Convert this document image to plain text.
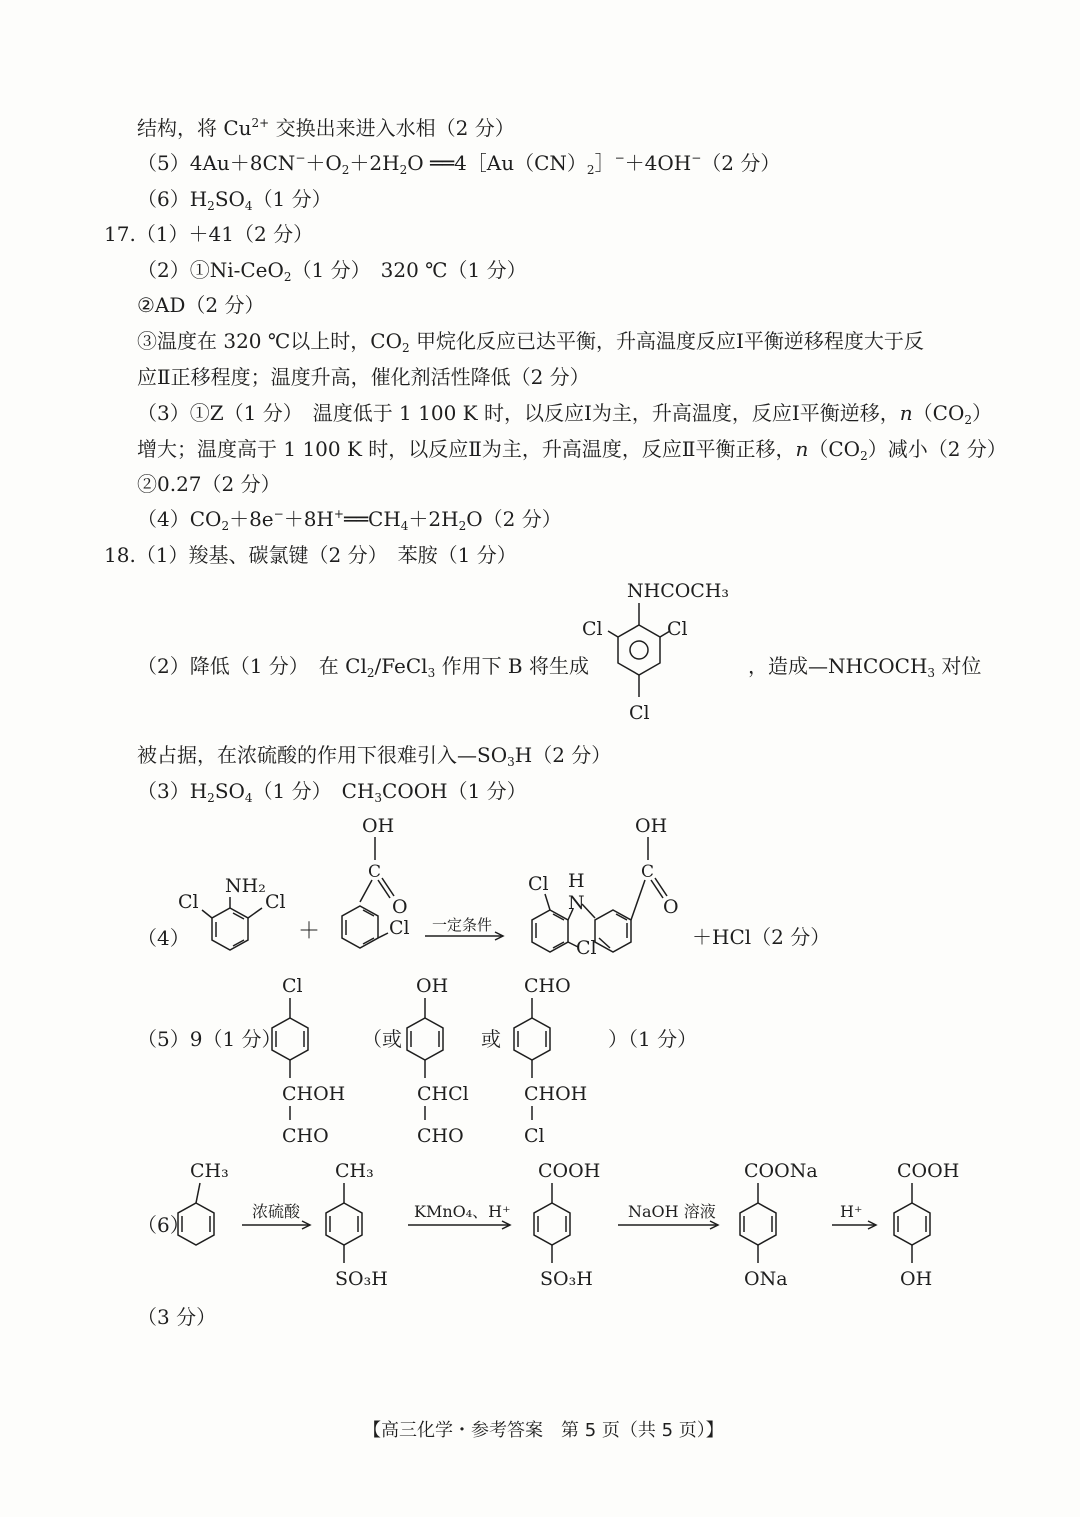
结构，将 $Cu^{2+}$ 交换出来进入水相（2 分）
$(5)4Au+8CN^-+O_2+2H_2O$ $══4[Au(CN)_2]^-+4OH^-(2$ 分）
$(6)H_2SO_4(1$ 分）
17.（1）＋41（2 分）
（2）①Ni-CeO$_2$（1 分）　320 ℃（1 分）
②AD（2 分）
③温度在 320 ℃以上时，$CO_2$ 甲烷化反应已达平衡，升高温度反应Ⅰ平衡逆移程度大于反
应Ⅱ正移程度；温度升高，催化剂活性降低（2 分）
（3）①Z（1 分）　温度低于 1 100 K 时，以反应Ⅰ为主，升高温度，反应Ⅰ平衡逆移，$n(CO_2)$
增大；温度高于 1 100 K 时，以反应Ⅱ为主，升高温度，反应Ⅱ平衡正移，$n(CO_2)$减小（2 分）
②0.27（2 分）
$(4)CO_2+8e^-+8H^+══CH_4+2H_2O(2$ 分）
18.（1）羧基、碳氯键（2 分）　苯胺（1 分）
（2）降低（1 分）　在 $Cl_2/FeCl_3$ 作用下 B 将生成	，造成$—NHCOCH_3$ 对位
NHCOCH₃
Cl	Cl
Cl
被占据，在浓硫酸的作用下很难引入$—SO_3H(2$ 分）
$(3)H_2SO_4(1$ 分）　$CH_3COOH(1$ 分）
（4）
NH₂
Cl	Cl
＋
OH
C
O
Cl 一定条件
Cl H
N
Cl
OH
C
O
＋HCl（2 分）
（5）9（1 分）	（或	或	）（1 分）
Cl
CHOH
CHO
OH
CHCl
CHO
CHO
CHOH
Cl
（6）
CH₃
浓硫酸
CH₃
SO₃H
KMnO₄、H⁺
COOH
SO₃H
NaOH 溶液
COONa
ONa
H⁺
COOH
OH
（3 分）
【高三化学・参考答案　第 5 页（共 5 页）】
